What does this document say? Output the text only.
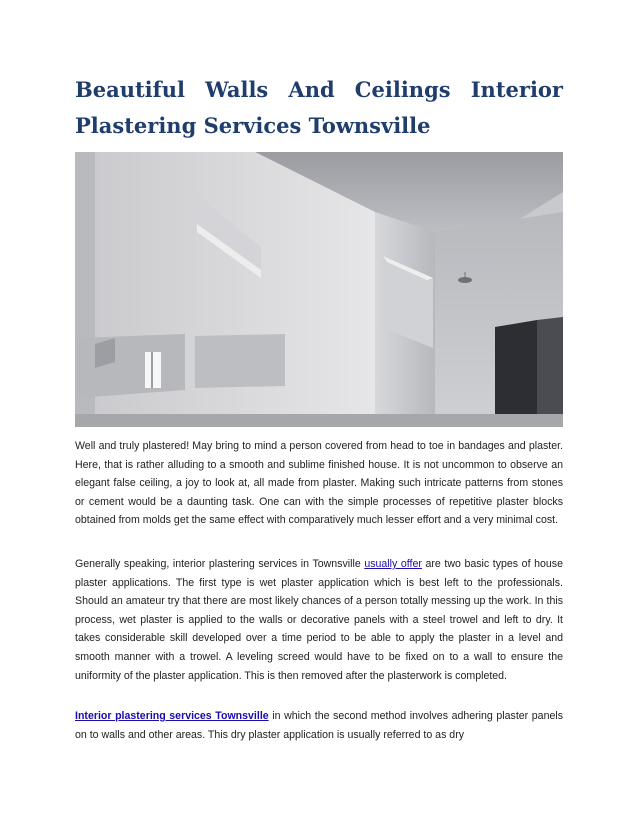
Beautiful Walls And Ceilings Interior
Plastering Services Townsville

Well and truly plastered! May bring to mind a person covered from head to toe in bandages and plaster. Here, that is rather alluding to a smooth and sublime finished house. It is not uncommon to observe an elegant false ceiling, a joy to look at, all made from plaster. Making such intricate patterns from stones or cement would be a daunting task. One can with the simple processes of repetitive plaster blocks obtained from molds get the same effect with comparatively much lesser effort and a very minimal cost.

Generally speaking, interior plastering services in Townsville usually offer are two basic types of house plaster applications. The first type is wet plaster application which is best left to the professionals. Should an amateur try that there are most likely chances of a person totally messing up the work. In this process, wet plaster is applied to the walls or decorative panels with a steel trowel and left to dry. It takes considerable skill developed over a time period to be able to apply the plaster in a level and smooth manner with a trowel. A leveling screed would have to be fixed on to a wall to ensure the uniformity of the plaster application. This is then removed after the plasterwork is completed.

Interior plastering services Townsville in which the second method involves adhering plaster panels on to walls and other areas. This dry plaster application is usually referred to as dry
